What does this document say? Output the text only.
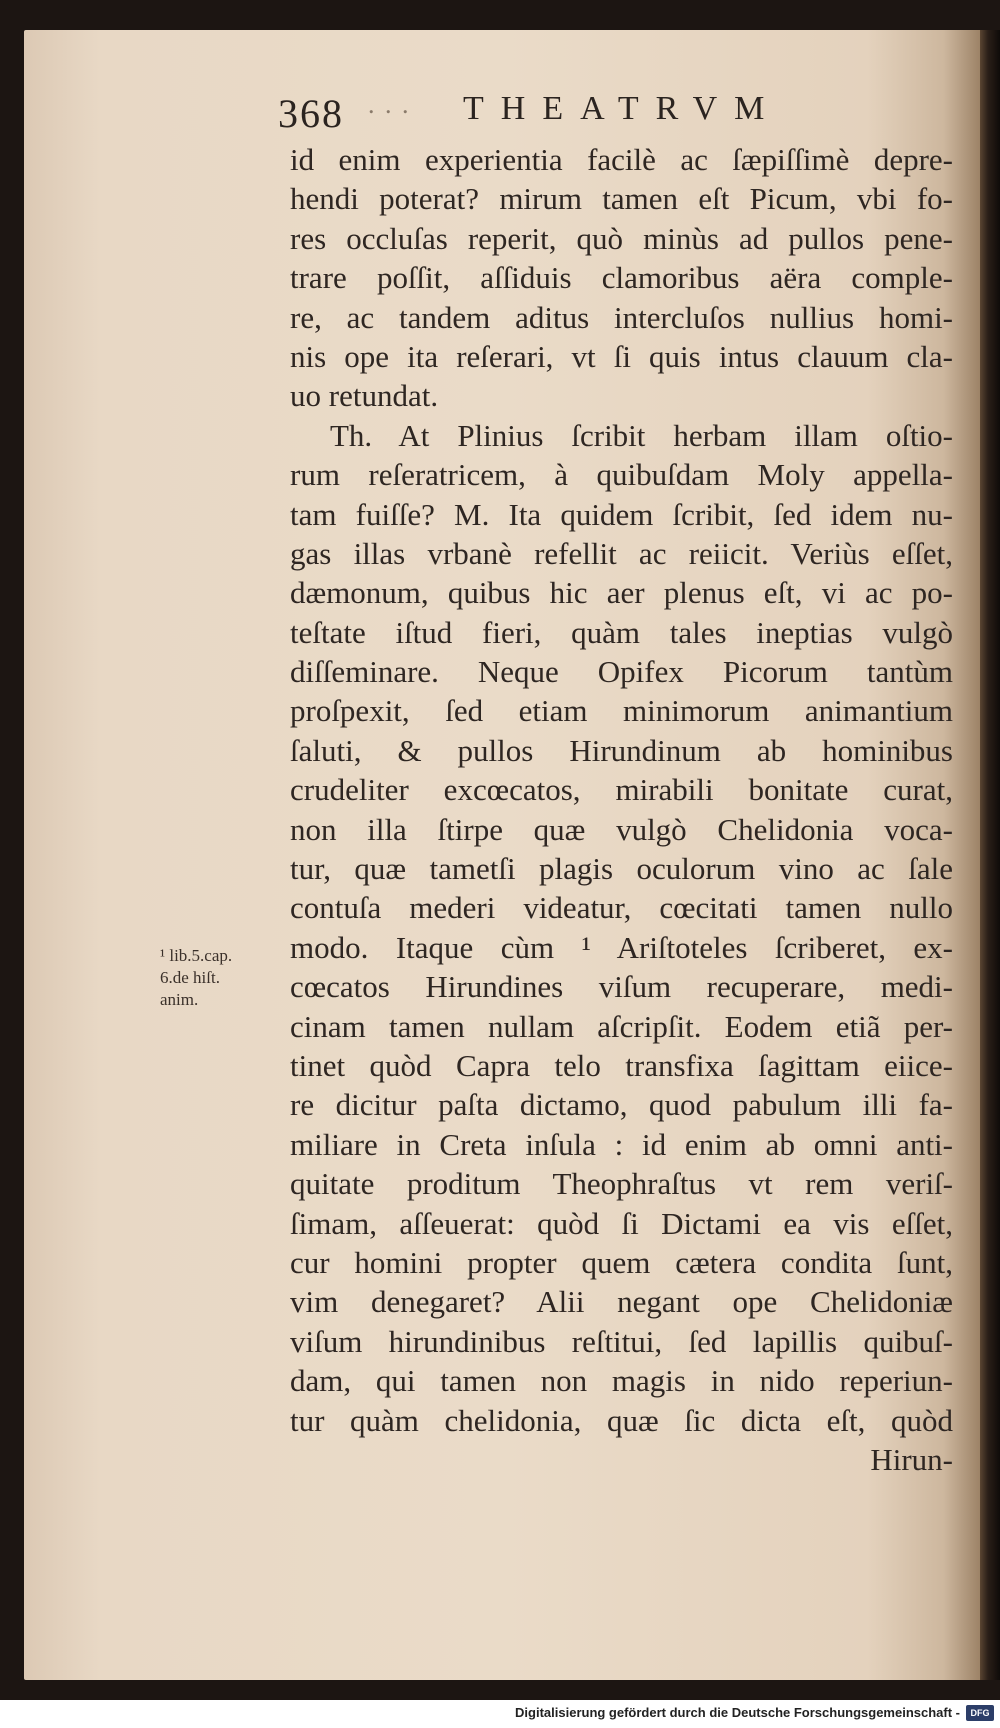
368 . . . THEATRVM
id enim experientia facilè ac ſæpiſſimè depre-
hendi poterat? mirum tamen eſt Picum, vbi fo-
res occluſas reperit, quò minùs ad pullos pene-
trare poſſit, aſſiduis clamoribus aëra comple-
re, ac tandem aditus intercluſos nullius homi-
nis ope ita reſerari, vt ſi quis intus clauum cla-
uo retundat.
Th. At Plinius ſcribit herbam illam oſtio-
rum reſeratricem, à quibuſdam Moly appella-
tam fuiſſe? M. Ita quidem ſcribit, ſed idem nu-
gas illas vrbanè refellit ac reiicit. Veriùs eſſet,
dæmonum, quibus hic aer plenus eſt, vi ac po-
teſtate iſtud fieri, quàm tales ineptias vulgò
diſſeminare. Neque Opifex Picorum tantùm
proſpexit, ſed etiam minimorum animantium
ſaluti, & pullos Hirundinum ab hominibus
crudeliter excœcatos, mirabili bonitate curat,
non illa ſtirpe quæ vulgò Chelidonia voca-
tur, quæ tametſi plagis oculorum vino ac ſale
contuſa mederi videatur, cœcitati tamen nullo
modo. Itaque cùm ¹ Ariſtoteles ſcriberet, ex-
cœcatos Hirundines viſum recuperare, medi-
cinam tamen nullam aſcripſit. Eodem etiã per-
tinet quòd Capra telo transfixa ſagittam eiice-
re dicitur paſta dictamo, quod pabulum illi fa-
miliare in Creta inſula : id enim ab omni anti-
quitate proditum Theophraſtus vt rem veriſ-
ſimam, aſſeuerat: quòd ſi Dictami ea vis eſſet,
cur homini propter quem cætera condita ſunt,
vim denegaret? Alii negant ope Chelidoniæ
viſum hirundinibus reſtitui, ſed lapillis quibuſ-
dam, qui tamen non magis in nido reperiun-
tur quàm chelidonia, quæ ſic dicta eſt, quòd
Hirun-
¹ lib.5.cap.
6.de hiſt.
anim.
Digitalisierung gefördert durch die Deutsche Forschungsgemeinschaft -	DFG
